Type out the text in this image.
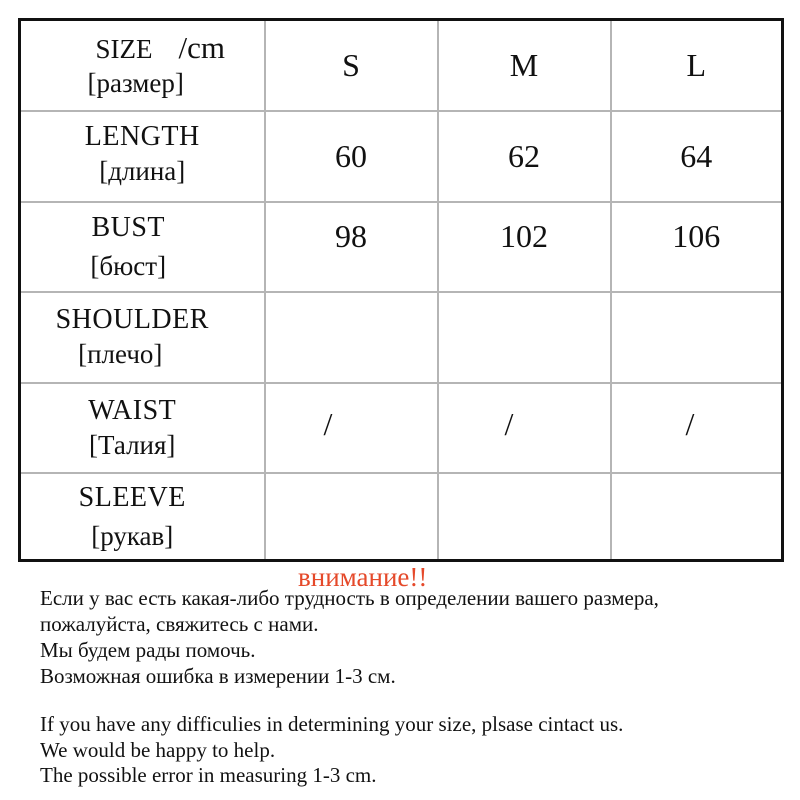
SIZE /cm
[размер]	S	M	L

LENGTH
[длина]	60	62	64

BUST
[бюст]	98	102	106

SHOULDER
[плечо]			

WAIST
[Талия]	/	/	/

SLEEVE
[рукав]			

внимание!!
Если у вас есть какая-либо трудность в определении вашего размера,
пожалуйста, свяжитесь с нами.
Мы будем рады помочь.
Возможная ошибка в измерении 1-3 см.
If you have any difficulies in determining your size, plsase cintact us.
We would be happy to help.
The possible error in measuring 1-3 cm.
